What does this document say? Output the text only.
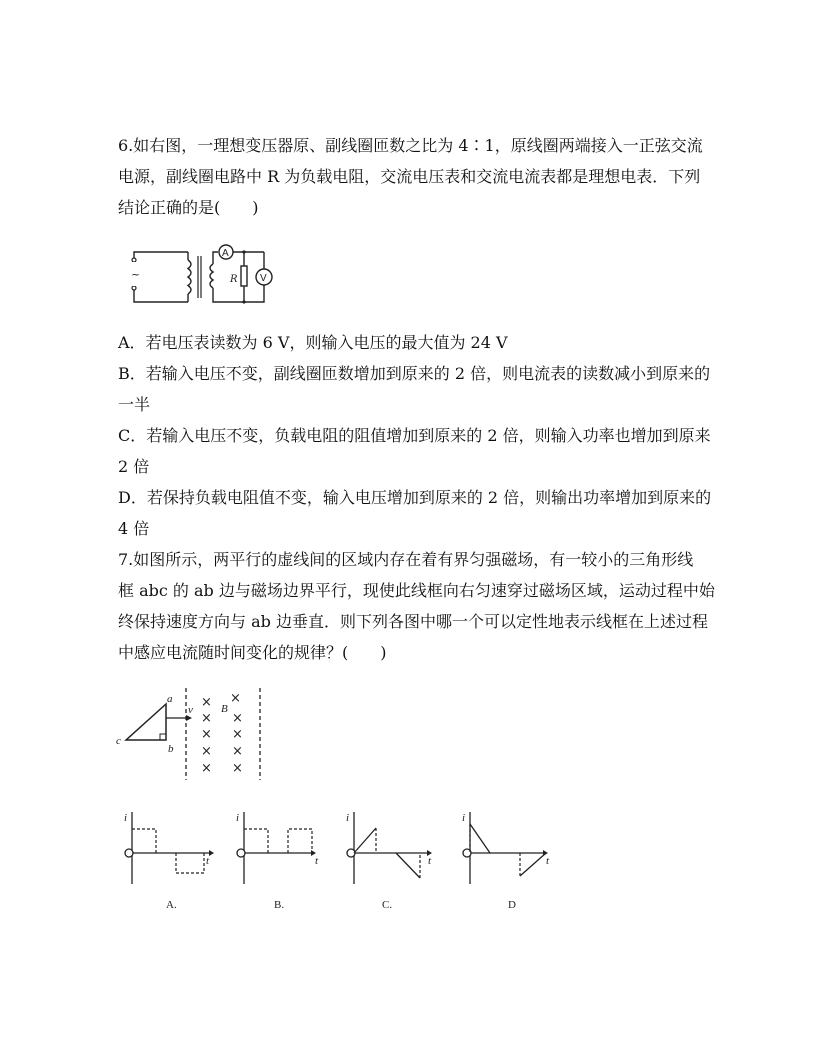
6.如右图，一理想变压器原、副线圈匝数之比为 4∶1，原线圈两端接入一正弦交流
电源，副线圈电路中 R 为负载电阻，交流电压表和交流电流表都是理想电表．下列
结论正确的是(　　)
~
A
R V
A．若电压表读数为 6 V，则输入电压的最大值为 24 V
B．若输入电压不变，副线圈匝数增加到原来的 2 倍，则电流表的读数减小到原来的
一半
C．若输入电压不变，负载电阻的阻值增加到原来的 2 倍，则输入功率也增加到原来
2 倍
D．若保持负载电阻值不变，输入电压增加到原来的 2 倍，则输出功率增加到原来的
4 倍
7.如图所示，两平行的虚线间的区域内存在着有界匀强磁场，有一较小的三角形线
框 abc 的 ab 边与磁场边界平行，现使此线框向右匀速穿过磁场区域，运动过程中始
终保持速度方向与 ab 边垂直．则下列各图中哪一个可以定性地表示线框在上述过程
中感应电流随时间变化的规律？(　　)
v
a
b
c
B
× ×
× ×
× ×
× ×
× ×
i
t
A.
i
t
B.
i
t
C.
i
t
D
